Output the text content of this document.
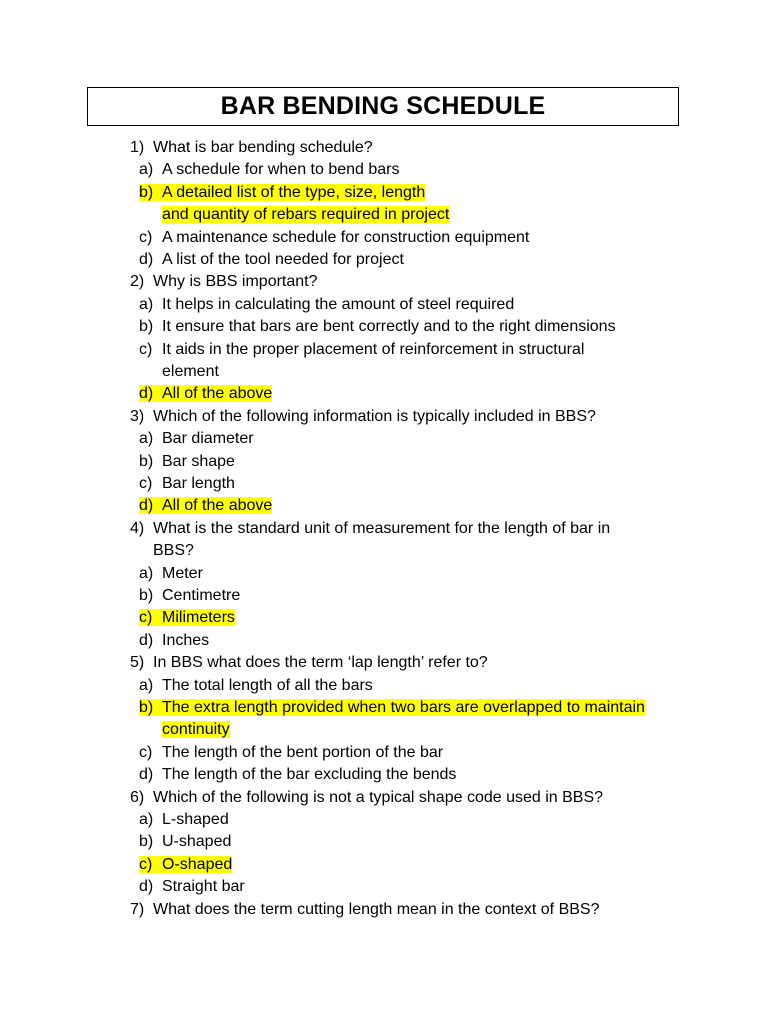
BAR BENDING SCHEDULE
1) What is bar bending schedule?
a) A schedule for when to bend bars
b) A detailed list of the type, size, length
and quantity of rebars required in project
c) A maintenance schedule for construction equipment
d) A list of the tool needed for project
2) Why is BBS important?
a) It helps in calculating the amount of steel required
b) It ensure that bars are bent correctly and to the right dimensions
c) It aids in the proper placement of reinforcement in structural
element
d) All of the above
3) Which of the following information is typically included in BBS?
a) Bar diameter
b) Bar shape
c) Bar length
d) All of the above
4) What is the standard unit of measurement for the length of bar in
BBS?
a) Meter
b) Centimetre
c) Milimeters
d) Inches
5) In BBS what does the term ‘lap length’ refer to?
a) The total length of all the bars
b) The extra length provided when two bars are overlapped to maintain
continuity
c) The length of the bent portion of the bar
d) The length of the bar excluding the bends
6) Which of the following is not a typical shape code used in BBS?
a) L-shaped
b) U-shaped
c) O-shaped
d) Straight bar
7) What does the term cutting length mean in the context of BBS?
